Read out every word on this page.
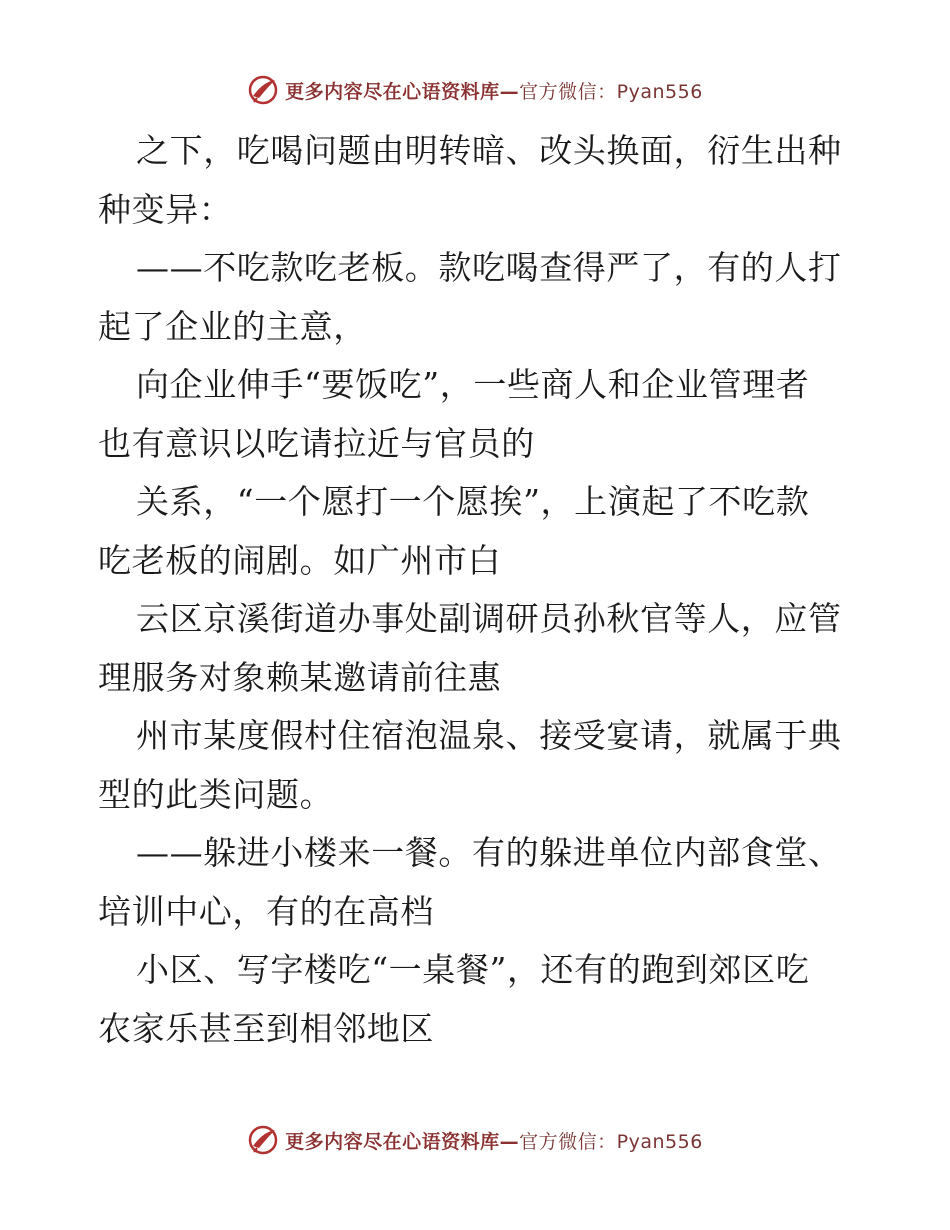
更多内容尽在心语资料库—官方微信：Pyan556
之下，吃喝问题由明转暗、改头换面，衍生出种
种变异：
——不吃款吃老板。款吃喝查得严了，有的人打
起了企业的主意，
向企业伸手“要饭吃”，一些商人和企业管理者
也有意识以吃请拉近与官员的
关系，“一个愿打一个愿挨”，上演起了不吃款
吃老板的闹剧。如广州市白
云区京溪街道办事处副调研员孙秋官等人，应管
理服务对象赖某邀请前往惠
州市某度假村住宿泡温泉、接受宴请，就属于典
型的此类问题。
——躲进小楼来一餐。有的躲进单位内部食堂、
培训中心，有的在高档
小区、写字楼吃“一桌餐”，还有的跑到郊区吃
农家乐甚至到相邻地区
更多内容尽在心语资料库—官方微信：Pyan556
